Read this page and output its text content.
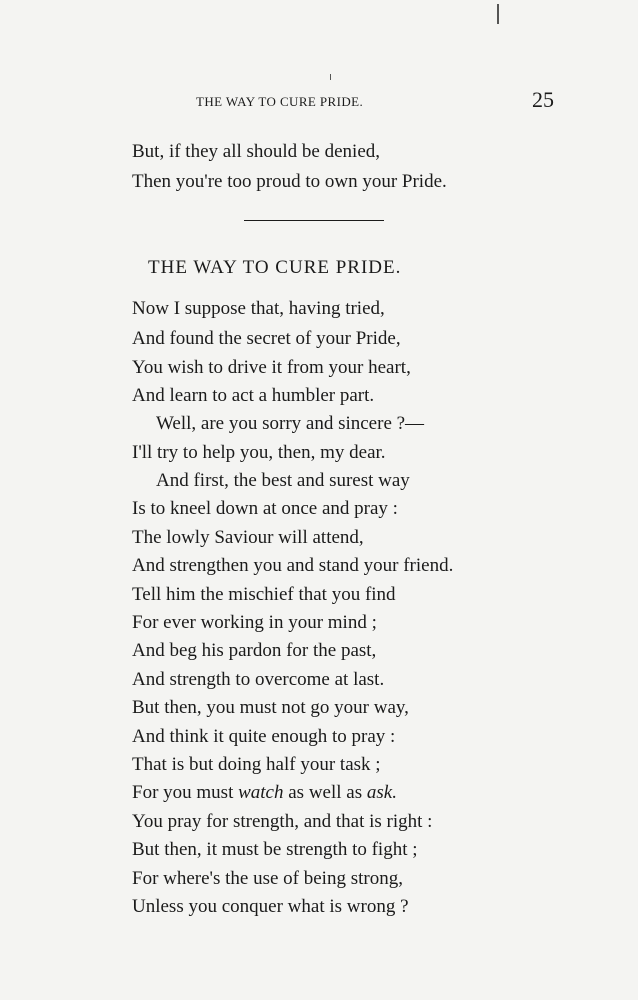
THE WAY TO CURE PRIDE.	25
But, if they all should be denied,
Then you're too proud to own your Pride.
THE WAY TO CURE PRIDE.
Now I suppose that, having tried,
And found the secret of your Pride,
You wish to drive it from your heart,
And learn to act a humbler part.
Well, are you sorry and sincere ?—
I'll try to help you, then, my dear.
And first, the best and surest way
Is to kneel down at once and pray :
The lowly Saviour will attend,
And strengthen you and stand your friend.
Tell him the mischief that you find
For ever working in your mind ;
And beg his pardon for the past,
And strength to overcome at last.
But then, you must not go your way,
And think it quite enough to pray :
That is but doing half your task ;
For you must watch as well as ask.
You pray for strength, and that is right :
But then, it must be strength to fight ;
For where's the use of being strong,
Unless you conquer what is wrong ?
